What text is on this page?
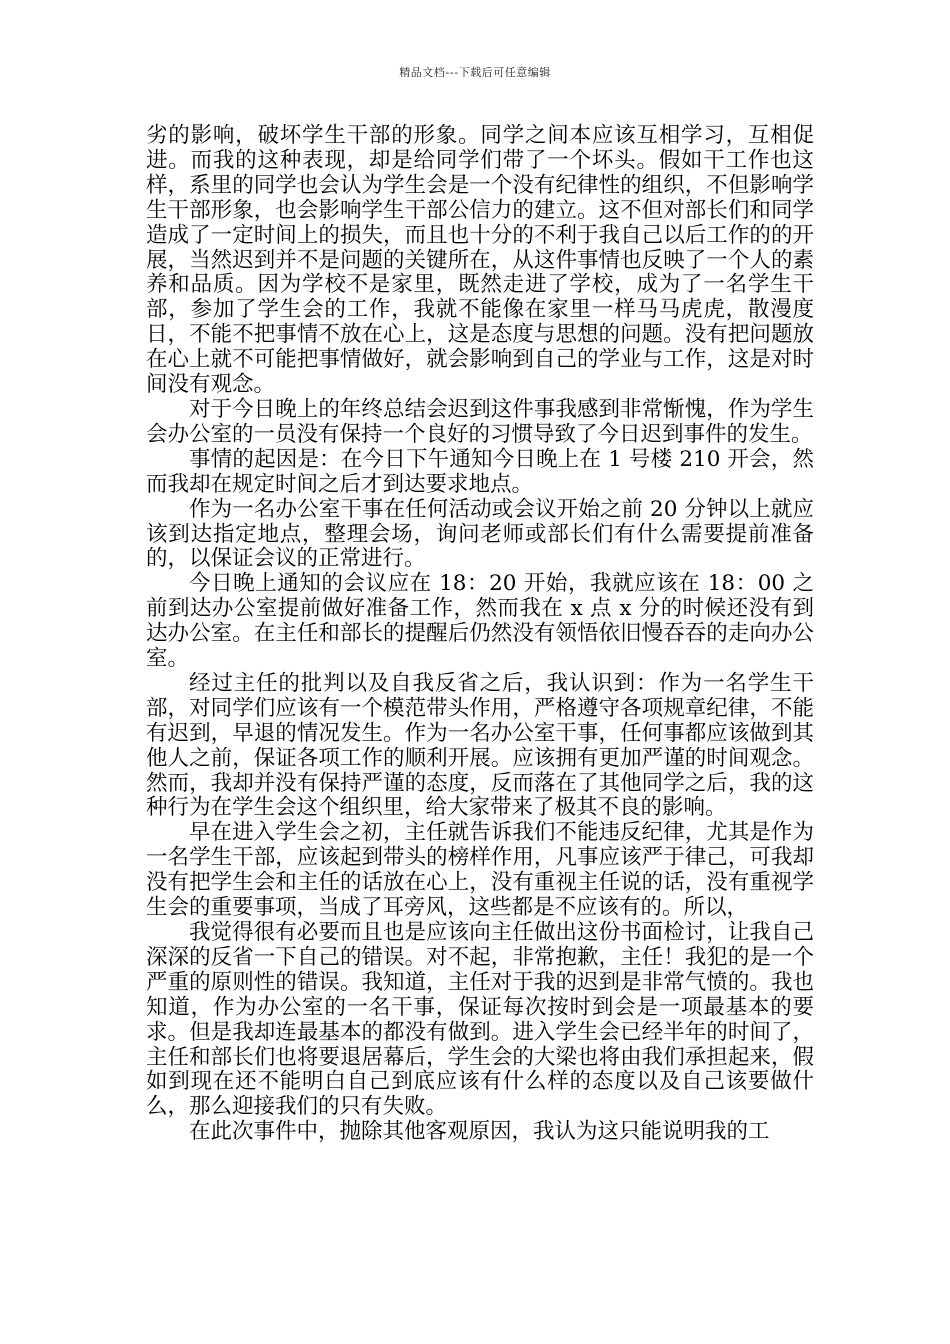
精品文档---下载后可任意编辑

劣的影响，破坏学生干部的形象。同学之间本应该互相学习，互相促进。而我的这种表现，却是给同学们带了一个坏头。假如干工作也这样，系里的同学也会认为学生会是一个没有纪律性的组织，不但影响学生干部形象，也会影响学生干部公信力的建立。这不但对部长们和同学造成了一定时间上的损失，而且也十分的不利于我自己以后工作的的开展，当然迟到并不是问题的关键所在，从这件事情也反映了一个人的素养和品质。因为学校不是家里，既然走进了学校，成为了一名学生干部，参加了学生会的工作，我就不能像在家里一样马马虎虎，散漫度日，不能不把事情不放在心上，这是态度与思想的问题。没有把问题放在心上就不可能把事情做好，就会影响到自己的学业与工作，这是对时间没有观念。

对于今日晚上的年终总结会迟到这件事我感到非常惭愧，作为学生会办公室的一员没有保持一个良好的习惯导致了今日迟到事件的发生。

事情的起因是：在今日下午通知今日晚上在 1 号楼 210 开会，然而我却在规定时间之后才到达要求地点。

作为一名办公室干事在任何活动或会议开始之前 20 分钟以上就应该到达指定地点，整理会场，询问老师或部长们有什么需要提前准备的，以保证会议的正常进行。

今日晚上通知的会议应在 18：20 开始，我就应该在 18：00 之前到达办公室提前做好准备工作，然而我在 x 点 x 分的时候还没有到达办公室。在主任和部长的提醒后仍然没有领悟依旧慢吞吞的走向办公室。

经过主任的批判以及自我反省之后，我认识到：作为一名学生干部，对同学们应该有一个模范带头作用，严格遵守各项规章纪律，不能有迟到，早退的情况发生。作为一名办公室干事，任何事都应该做到其他人之前，保证各项工作的顺利开展。应该拥有更加严谨的时间观念。然而，我却并没有保持严谨的态度，反而落在了其他同学之后，我的这种行为在学生会这个组织里，给大家带来了极其不良的影响。

早在进入学生会之初，主任就告诉我们不能违反纪律，尤其是作为一名学生干部，应该起到带头的榜样作用，凡事应该严于律己，可我却没有把学生会和主任的话放在心上，没有重视主任说的话，没有重视学生会的重要事项，当成了耳旁风，这些都是不应该有的。所以，

我觉得很有必要而且也是应该向主任做出这份书面检讨，让我自己深深的反省一下自己的错误。对不起，非常抱歉，主任！我犯的是一个严重的原则性的错误。我知道，主任对于我的迟到是非常气愤的。我也知道，作为办公室的一名干事，保证每次按时到会是一项最基本的要求。但是我却连最基本的都没有做到。进入学生会已经半年的时间了，主任和部长们也将要退居幕后，学生会的大梁也将由我们承担起来，假如到现在还不能明白自己到底应该有什么样的态度以及自己该要做什么，那么迎接我们的只有失败。

在此次事件中，抛除其他客观原因，我认为这只能说明我的工
